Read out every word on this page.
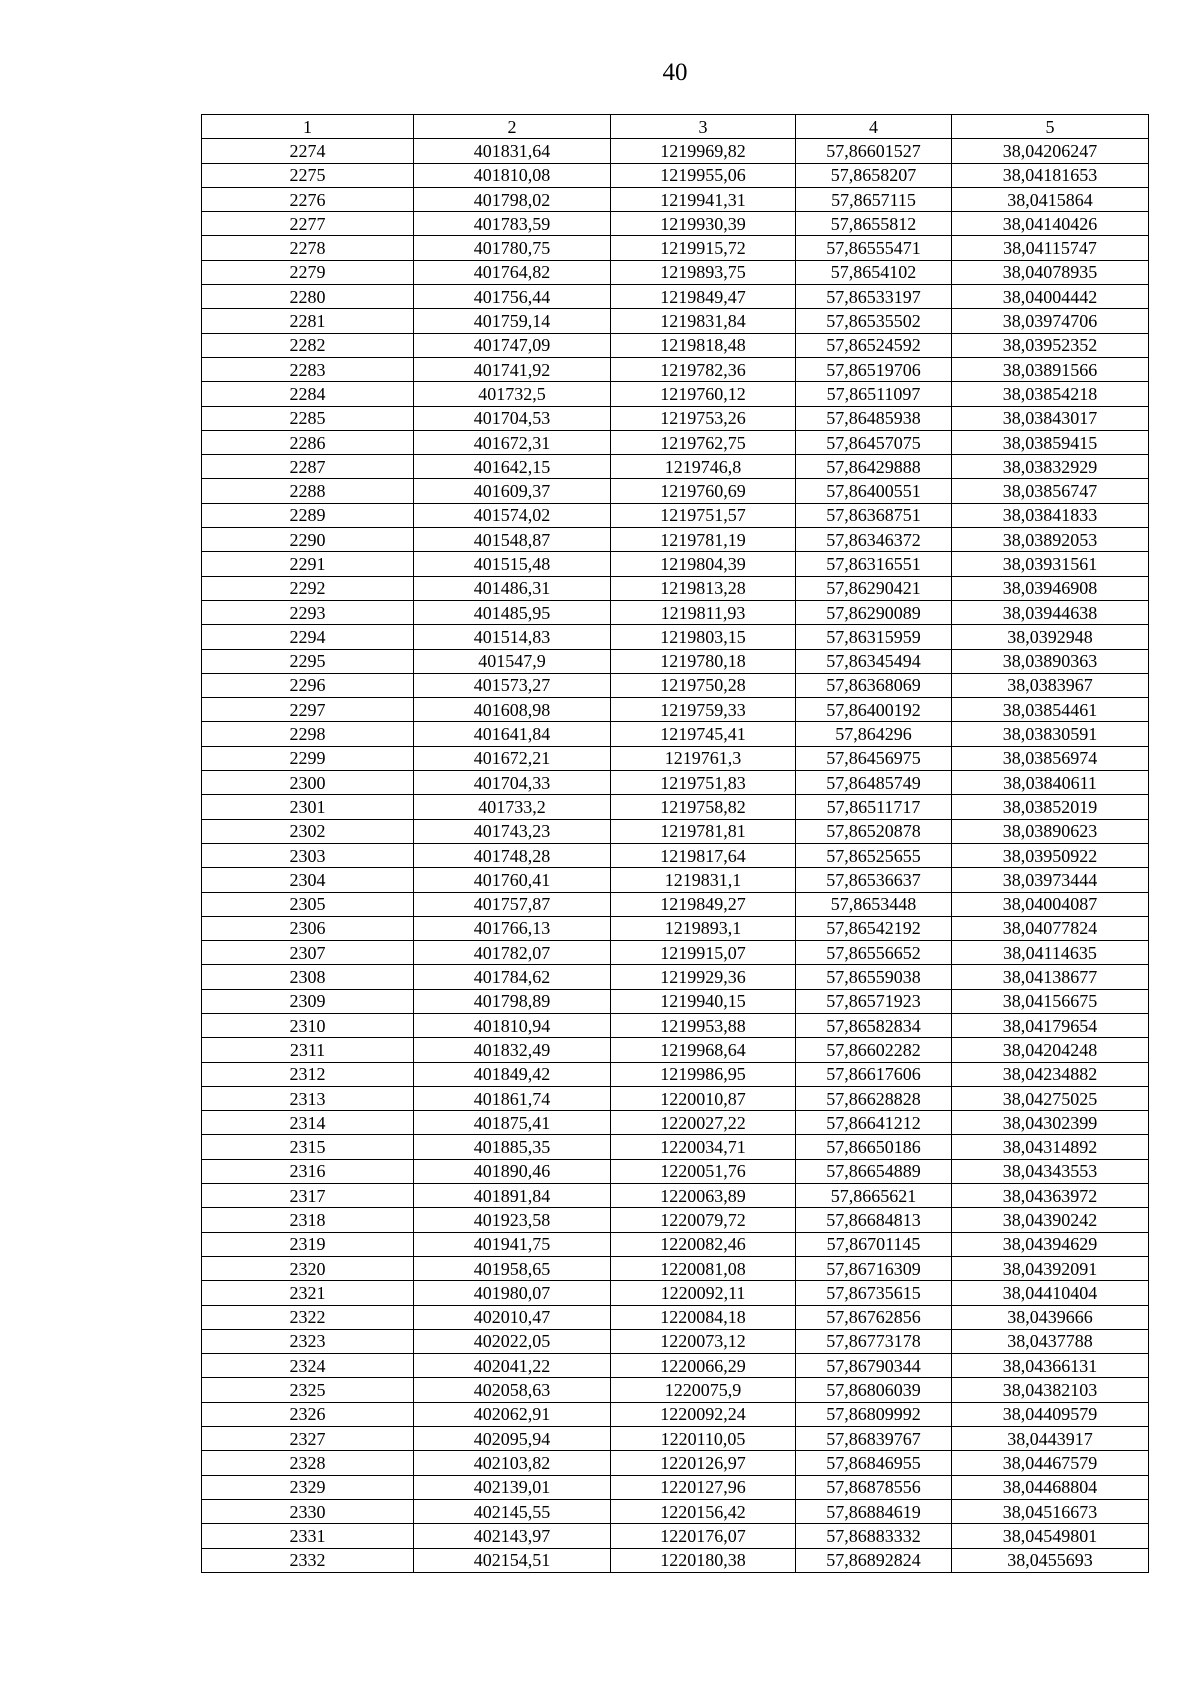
40
1	2	3	4	5
2274	401831,64	1219969,82	57,86601527	38,04206247
2275	401810,08	1219955,06	57,8658207	38,04181653
2276	401798,02	1219941,31	57,8657115	38,0415864
2277	401783,59	1219930,39	57,8655812	38,04140426
2278	401780,75	1219915,72	57,86555471	38,04115747
2279	401764,82	1219893,75	57,8654102	38,04078935
2280	401756,44	1219849,47	57,86533197	38,04004442
2281	401759,14	1219831,84	57,86535502	38,03974706
2282	401747,09	1219818,48	57,86524592	38,03952352
2283	401741,92	1219782,36	57,86519706	38,03891566
2284	401732,5	1219760,12	57,86511097	38,03854218
2285	401704,53	1219753,26	57,86485938	38,03843017
2286	401672,31	1219762,75	57,86457075	38,03859415
2287	401642,15	1219746,8	57,86429888	38,03832929
2288	401609,37	1219760,69	57,86400551	38,03856747
2289	401574,02	1219751,57	57,86368751	38,03841833
2290	401548,87	1219781,19	57,86346372	38,03892053
2291	401515,48	1219804,39	57,86316551	38,03931561
2292	401486,31	1219813,28	57,86290421	38,03946908
2293	401485,95	1219811,93	57,86290089	38,03944638
2294	401514,83	1219803,15	57,86315959	38,0392948
2295	401547,9	1219780,18	57,86345494	38,03890363
2296	401573,27	1219750,28	57,86368069	38,0383967
2297	401608,98	1219759,33	57,86400192	38,03854461
2298	401641,84	1219745,41	57,864296	38,03830591
2299	401672,21	1219761,3	57,86456975	38,03856974
2300	401704,33	1219751,83	57,86485749	38,03840611
2301	401733,2	1219758,82	57,86511717	38,03852019
2302	401743,23	1219781,81	57,86520878	38,03890623
2303	401748,28	1219817,64	57,86525655	38,03950922
2304	401760,41	1219831,1	57,86536637	38,03973444
2305	401757,87	1219849,27	57,8653448	38,04004087
2306	401766,13	1219893,1	57,86542192	38,04077824
2307	401782,07	1219915,07	57,86556652	38,04114635
2308	401784,62	1219929,36	57,86559038	38,04138677
2309	401798,89	1219940,15	57,86571923	38,04156675
2310	401810,94	1219953,88	57,86582834	38,04179654
2311	401832,49	1219968,64	57,86602282	38,04204248
2312	401849,42	1219986,95	57,86617606	38,04234882
2313	401861,74	1220010,87	57,86628828	38,04275025
2314	401875,41	1220027,22	57,86641212	38,04302399
2315	401885,35	1220034,71	57,86650186	38,04314892
2316	401890,46	1220051,76	57,86654889	38,04343553
2317	401891,84	1220063,89	57,8665621	38,04363972
2318	401923,58	1220079,72	57,86684813	38,04390242
2319	401941,75	1220082,46	57,86701145	38,04394629
2320	401958,65	1220081,08	57,86716309	38,04392091
2321	401980,07	1220092,11	57,86735615	38,04410404
2322	402010,47	1220084,18	57,86762856	38,0439666
2323	402022,05	1220073,12	57,86773178	38,0437788
2324	402041,22	1220066,29	57,86790344	38,04366131
2325	402058,63	1220075,9	57,86806039	38,04382103
2326	402062,91	1220092,24	57,86809992	38,04409579
2327	402095,94	1220110,05	57,86839767	38,0443917
2328	402103,82	1220126,97	57,86846955	38,04467579
2329	402139,01	1220127,96	57,86878556	38,04468804
2330	402145,55	1220156,42	57,86884619	38,04516673
2331	402143,97	1220176,07	57,86883332	38,04549801
2332	402154,51	1220180,38	57,86892824	38,0455693
